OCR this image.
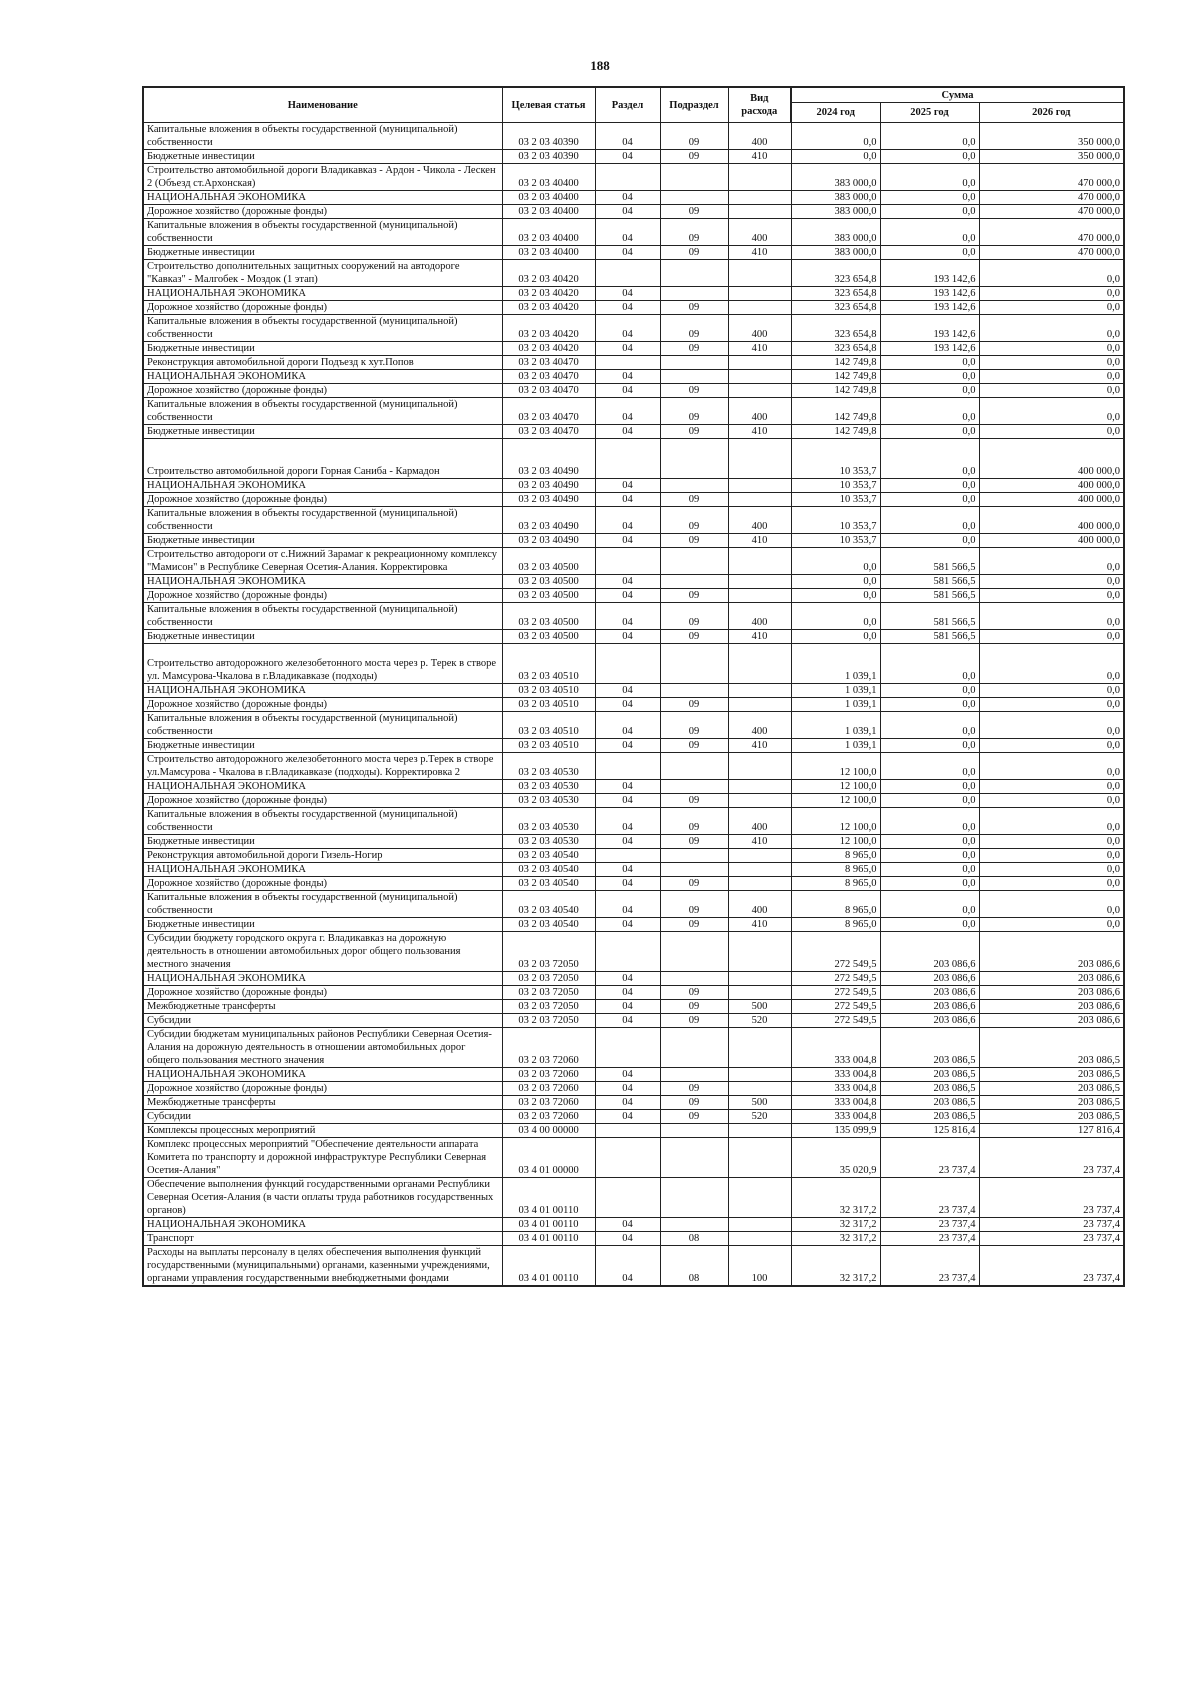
188
Наименование	Целевая статья	Раздел	Подраздел	Вид расхода	Сумма		
					2024 год	2025 год	2026 год
Капитальные вложения в объекты государственной (муниципальной) собственности	03 2 03 40390	04	09	400	0,0	0,0	350 000,0
Бюджетные инвестиции	03 2 03 40390	04	09	410	0,0	0,0	350 000,0
Строительство автомобильной дороги Владикавказ - Ардон - Чикола - Лескен 2 (Объезд ст.Архонская)	03 2 03 40400				383 000,0	0,0	470 000,0
НАЦИОНАЛЬНАЯ ЭКОНОМИКА	03 2 03 40400	04			383 000,0	0,0	470 000,0
Дорожное хозяйство (дорожные фонды)	03 2 03 40400	04	09		383 000,0	0,0	470 000,0
Капитальные вложения в объекты государственной (муниципальной) собственности	03 2 03 40400	04	09	400	383 000,0	0,0	470 000,0
Бюджетные инвестиции	03 2 03 40400	04	09	410	383 000,0	0,0	470 000,0
Строительство дополнительных защитных сооружений на автодороге "Кавказ" - Малгобек - Моздок (1 этап)	03 2 03 40420				323 654,8	193 142,6	0,0
НАЦИОНАЛЬНАЯ ЭКОНОМИКА	03 2 03 40420	04			323 654,8	193 142,6	0,0
Дорожное хозяйство (дорожные фонды)	03 2 03 40420	04	09		323 654,8	193 142,6	0,0
Капитальные вложения в объекты государственной (муниципальной) собственности	03 2 03 40420	04	09	400	323 654,8	193 142,6	0,0
Бюджетные инвестиции	03 2 03 40420	04	09	410	323 654,8	193 142,6	0,0
Реконструкция автомобильной дороги Подъезд к хут.Попов	03 2 03 40470				142 749,8	0,0	0,0
НАЦИОНАЛЬНАЯ ЭКОНОМИКА	03 2 03 40470	04			142 749,8	0,0	0,0
Дорожное хозяйство (дорожные фонды)	03 2 03 40470	04	09		142 749,8	0,0	0,0
Капитальные вложения в объекты государственной (муниципальной) собственности	03 2 03 40470	04	09	400	142 749,8	0,0	0,0
Бюджетные инвестиции	03 2 03 40470	04	09	410	142 749,8	0,0	0,0
Строительство автомобильной дороги Горная Саниба - Кармадон	03 2 03 40490				10 353,7	0,0	400 000,0
НАЦИОНАЛЬНАЯ ЭКОНОМИКА	03 2 03 40490	04			10 353,7	0,0	400 000,0
Дорожное хозяйство (дорожные фонды)	03 2 03 40490	04	09		10 353,7	0,0	400 000,0
Капитальные вложения в объекты государственной (муниципальной) собственности	03 2 03 40490	04	09	400	10 353,7	0,0	400 000,0
Бюджетные инвестиции	03 2 03 40490	04	09	410	10 353,7	0,0	400 000,0
Строительство автодороги от с.Нижний Зарамаг к рекреационному комплексу "Мамисон" в Республике Северная Осетия-Алания. Корректировка	03 2 03 40500				0,0	581 566,5	0,0
НАЦИОНАЛЬНАЯ ЭКОНОМИКА	03 2 03 40500	04			0,0	581 566,5	0,0
Дорожное хозяйство (дорожные фонды)	03 2 03 40500	04	09		0,0	581 566,5	0,0
Капитальные вложения в объекты государственной (муниципальной) собственности	03 2 03 40500	04	09	400	0,0	581 566,5	0,0
Бюджетные инвестиции	03 2 03 40500	04	09	410	0,0	581 566,5	0,0
Строительство автодорожного железобетонного моста через р. Терек в створе ул. Мамсурова-Чкалова в г.Владикавказе (подходы)	03 2 03 40510				1 039,1	0,0	0,0
НАЦИОНАЛЬНАЯ ЭКОНОМИКА	03 2 03 40510	04			1 039,1	0,0	0,0
Дорожное хозяйство (дорожные фонды)	03 2 03 40510	04	09		1 039,1	0,0	0,0
Капитальные вложения в объекты государственной (муниципальной) собственности	03 2 03 40510	04	09	400	1 039,1	0,0	0,0
Бюджетные инвестиции	03 2 03 40510	04	09	410	1 039,1	0,0	0,0
Строительство автодорожного железобетонного моста через р.Терек в створе ул.Мамсурова - Чкалова в г.Владикавказе (подходы). Корректировка 2	03 2 03 40530				12 100,0	0,0	0,0
НАЦИОНАЛЬНАЯ ЭКОНОМИКА	03 2 03 40530	04			12 100,0	0,0	0,0
Дорожное хозяйство (дорожные фонды)	03 2 03 40530	04	09		12 100,0	0,0	0,0
Капитальные вложения в объекты государственной (муниципальной) собственности	03 2 03 40530	04	09	400	12 100,0	0,0	0,0
Бюджетные инвестиции	03 2 03 40530	04	09	410	12 100,0	0,0	0,0
Реконструкция автомобильной дороги Гизель-Ногир	03 2 03 40540				8 965,0	0,0	0,0
НАЦИОНАЛЬНАЯ ЭКОНОМИКА	03 2 03 40540	04			8 965,0	0,0	0,0
Дорожное хозяйство (дорожные фонды)	03 2 03 40540	04	09		8 965,0	0,0	0,0
Капитальные вложения в объекты государственной (муниципальной) собственности	03 2 03 40540	04	09	400	8 965,0	0,0	0,0
Бюджетные инвестиции	03 2 03 40540	04	09	410	8 965,0	0,0	0,0
Субсидии бюджету городского округа г. Владикавказ на дорожную деятельность в отношении автомобильных дорог общего пользования местного значения	03 2 03 72050				272 549,5	203 086,6	203 086,6
НАЦИОНАЛЬНАЯ ЭКОНОМИКА	03 2 03 72050	04			272 549,5	203 086,6	203 086,6
Дорожное хозяйство (дорожные фонды)	03 2 03 72050	04	09		272 549,5	203 086,6	203 086,6
Межбюджетные трансферты	03 2 03 72050	04	09	500	272 549,5	203 086,6	203 086,6
Субсидии	03 2 03 72050	04	09	520	272 549,5	203 086,6	203 086,6
Субсидии бюджетам муниципальных районов Республики Северная Осетия-Алания на дорожную деятельность в отношении автомобильных дорог общего пользования местного значения	03 2 03 72060				333 004,8	203 086,5	203 086,5
НАЦИОНАЛЬНАЯ ЭКОНОМИКА	03 2 03 72060	04			333 004,8	203 086,5	203 086,5
Дорожное хозяйство (дорожные фонды)	03 2 03 72060	04	09		333 004,8	203 086,5	203 086,5
Межбюджетные трансферты	03 2 03 72060	04	09	500	333 004,8	203 086,5	203 086,5
Субсидии	03 2 03 72060	04	09	520	333 004,8	203 086,5	203 086,5
Комплексы процессных мероприятий	03 4 00 00000				135 099,9	125 816,4	127 816,4
Комплекс процессных мероприятий "Обеспечение деятельности аппарата Комитета по транспорту и дорожной инфраструктуре Республики Северная Осетия-Алания"	03 4 01 00000				35 020,9	23 737,4	23 737,4
Обеспечение выполнения функций государственными органами Республики Северная Осетия-Алания (в части оплаты труда работников государственных органов)	03 4 01 00110				32 317,2	23 737,4	23 737,4
НАЦИОНАЛЬНАЯ ЭКОНОМИКА	03 4 01 00110	04			32 317,2	23 737,4	23 737,4
Транспорт	03 4 01 00110	04	08		32 317,2	23 737,4	23 737,4
Расходы на выплаты персоналу в целях обеспечения выполнения функций государственными (муниципальными) органами, казенными учреждениями, органами управления государственными внебюджетными фондами	03 4 01 00110	04	08	100	32 317,2	23 737,4	23 737,4
